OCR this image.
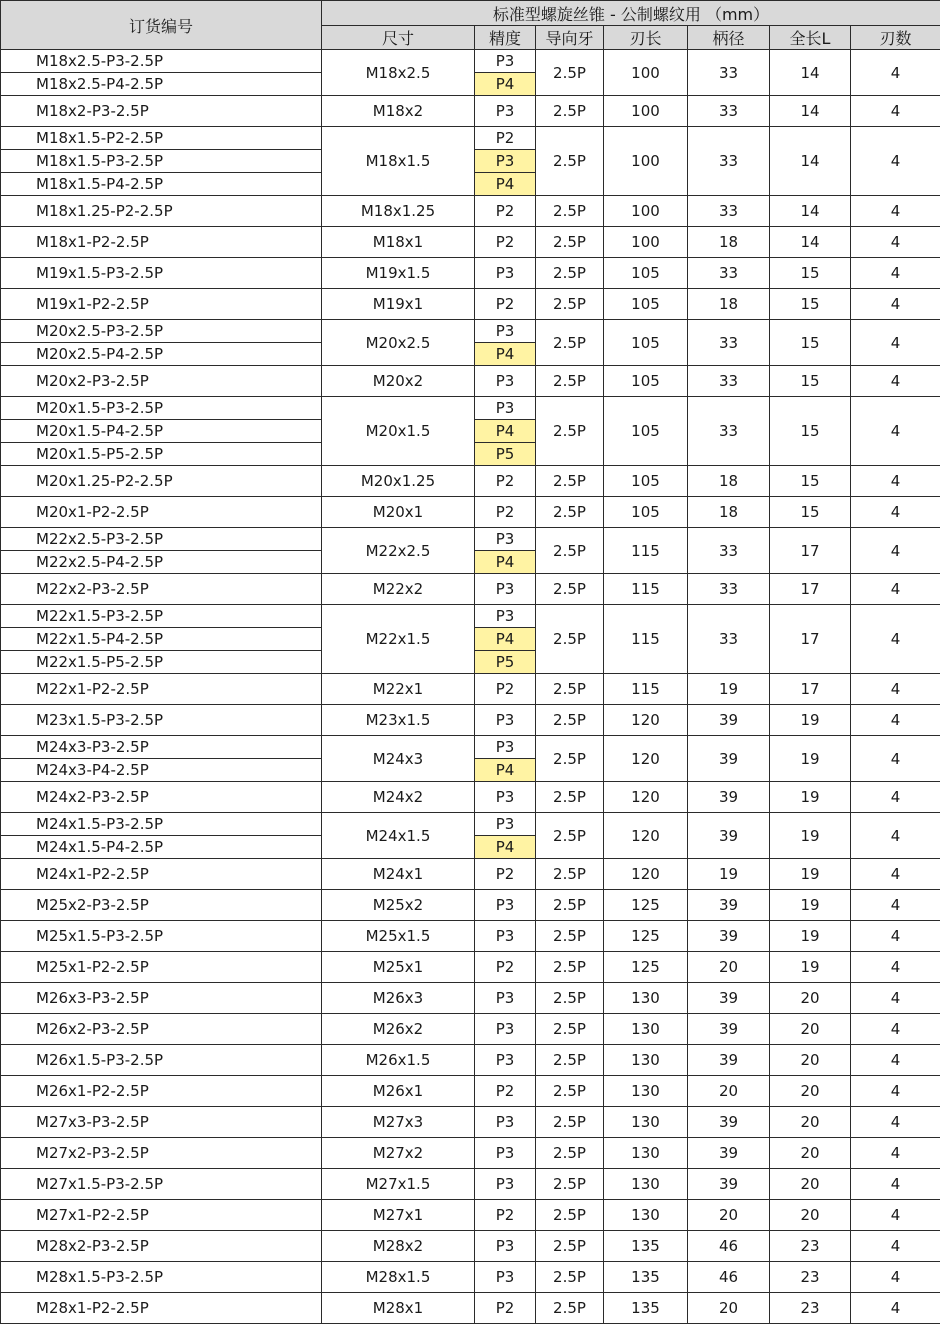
订货编号	标准型螺旋丝锥 - 公制螺纹用 （mm）						
	尺寸	精度	导向牙	刃长	柄径	全长L	刃数
M18x2.5-P3-2.5P	M18x2.5	P3	2.5P	100	33	14	4
M18x2.5-P4-2.5P		P4					
M18x2-P3-2.5P	M18x2	P3	2.5P	100	33	14	4
M18x1.5-P2-2.5P	M18x1.5	P2	2.5P	100	33	14	4
M18x1.5-P3-2.5P		P3					
M18x1.5-P4-2.5P		P4					
M18x1.25-P2-2.5P	M18x1.25	P2	2.5P	100	33	14	4
M18x1-P2-2.5P	M18x1	P2	2.5P	100	18	14	4
M19x1.5-P3-2.5P	M19x1.5	P3	2.5P	105	33	15	4
M19x1-P2-2.5P	M19x1	P2	2.5P	105	18	15	4
M20x2.5-P3-2.5P	M20x2.5	P3	2.5P	105	33	15	4
M20x2.5-P4-2.5P		P4					
M20x2-P3-2.5P	M20x2	P3	2.5P	105	33	15	4
M20x1.5-P3-2.5P	M20x1.5	P3	2.5P	105	33	15	4
M20x1.5-P4-2.5P		P4					
M20x1.5-P5-2.5P		P5					
M20x1.25-P2-2.5P	M20x1.25	P2	2.5P	105	18	15	4
M20x1-P2-2.5P	M20x1	P2	2.5P	105	18	15	4
M22x2.5-P3-2.5P	M22x2.5	P3	2.5P	115	33	17	4
M22x2.5-P4-2.5P		P4					
M22x2-P3-2.5P	M22x2	P3	2.5P	115	33	17	4
M22x1.5-P3-2.5P	M22x1.5	P3	2.5P	115	33	17	4
M22x1.5-P4-2.5P		P4					
M22x1.5-P5-2.5P		P5					
M22x1-P2-2.5P	M22x1	P2	2.5P	115	19	17	4
M23x1.5-P3-2.5P	M23x1.5	P3	2.5P	120	39	19	4
M24x3-P3-2.5P	M24x3	P3	2.5P	120	39	19	4
M24x3-P4-2.5P		P4					
M24x2-P3-2.5P	M24x2	P3	2.5P	120	39	19	4
M24x1.5-P3-2.5P	M24x1.5	P3	2.5P	120	39	19	4
M24x1.5-P4-2.5P		P4					
M24x1-P2-2.5P	M24x1	P2	2.5P	120	19	19	4
M25x2-P3-2.5P	M25x2	P3	2.5P	125	39	19	4
M25x1.5-P3-2.5P	M25x1.5	P3	2.5P	125	39	19	4
M25x1-P2-2.5P	M25x1	P2	2.5P	125	20	19	4
M26x3-P3-2.5P	M26x3	P3	2.5P	130	39	20	4
M26x2-P3-2.5P	M26x2	P3	2.5P	130	39	20	4
M26x1.5-P3-2.5P	M26x1.5	P3	2.5P	130	39	20	4
M26x1-P2-2.5P	M26x1	P2	2.5P	130	20	20	4
M27x3-P3-2.5P	M27x3	P3	2.5P	130	39	20	4
M27x2-P3-2.5P	M27x2	P3	2.5P	130	39	20	4
M27x1.5-P3-2.5P	M27x1.5	P3	2.5P	130	39	20	4
M27x1-P2-2.5P	M27x1	P2	2.5P	130	20	20	4
M28x2-P3-2.5P	M28x2	P3	2.5P	135	46	23	4
M28x1.5-P3-2.5P	M28x1.5	P3	2.5P	135	46	23	4
M28x1-P2-2.5P	M28x1	P2	2.5P	135	20	23	4
